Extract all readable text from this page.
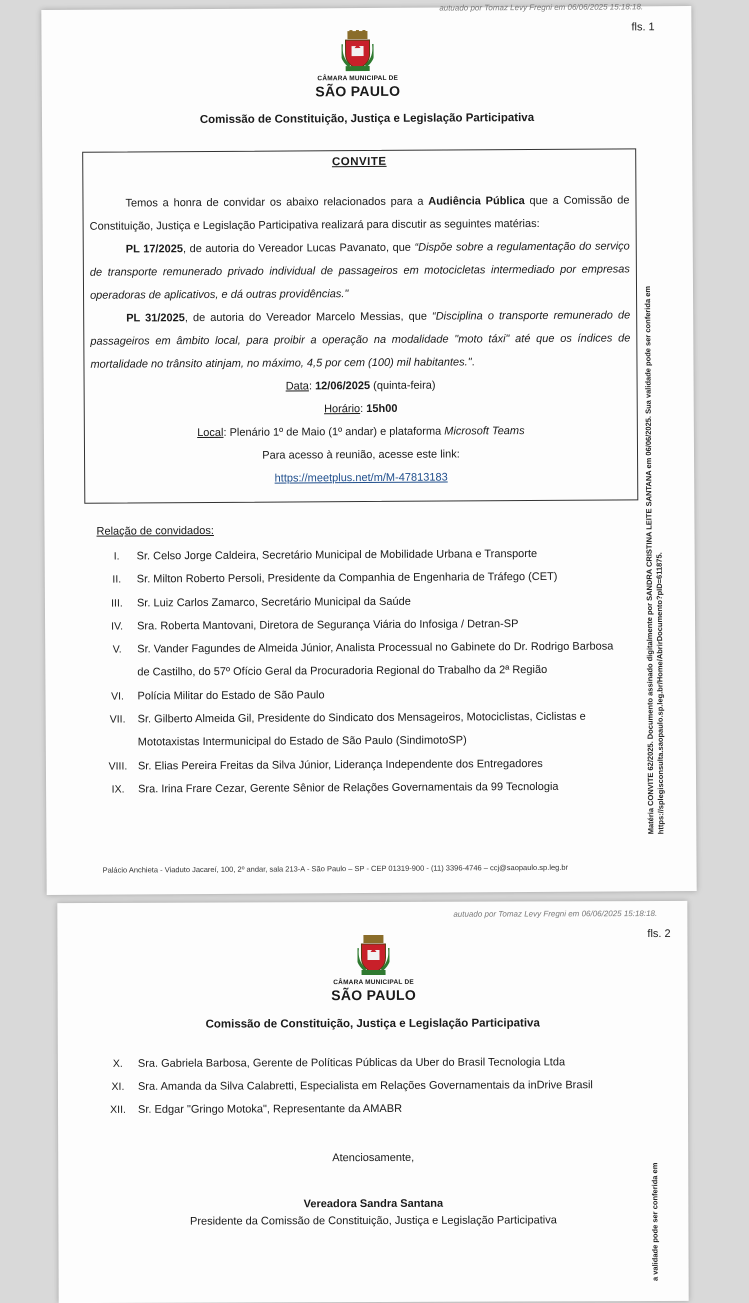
autuado por Tomaz Levy Fregni em 06/06/2025 15:18:18.
fls. 1
CÂMARA MUNICIPAL DE
SÃO PAULO
Comissão de Constituição, Justiça e Legislação Participativa
CONVITE

Temos a honra de convidar os abaixo relacionados para a Audiência Pública que a Comissão de Constituição, Justiça e Legislação Participativa realizará para discutir as seguintes matérias:

PL 17/2025, de autoria do Vereador Lucas Pavanato, que “Dispõe sobre a regulamentação do serviço de transporte remunerado privado individual de passageiros em motocicletas intermediado por empresas operadoras de aplicativos, e dá outras providências."

PL 31/2025, de autoria do Vereador Marcelo Messias, que “Disciplina o transporte remunerado de passageiros em âmbito local, para proibir a operação na modalidade "moto táxi" até que os índices de mortalidade no trânsito atinjam, no máximo, 4,5 por cem (100) mil habitantes.".

Data: 12/06/2025 (quinta-feira)

Horário: 15h00

Local: Plenário 1º de Maio (1º andar) e plataforma Microsoft Teams

Para acesso à reunião, acesse este link:

https://meetplus.net/m/M-47813183

Relação de convidados:
I.	Sr. Celso Jorge Caldeira, Secretário Municipal de Mobilidade Urbana e Transporte
II.	Sr. Milton Roberto Persoli, Presidente da Companhia de Engenharia de Tráfego (CET)
III.	Sr. Luiz Carlos Zamarco, Secretário Municipal da Saúde
IV.	Sra. Roberta Mantovani, Diretora de Segurança Viária do Infosiga / Detran-SP
V.	Sr. Vander Fagundes de Almeida Júnior, Analista Processual no Gabinete do Dr. Rodrigo Barbosa
de Castilho, do 57º Ofício Geral da Procuradoria Regional do Trabalho da 2ª Região
VI.	Polícia Militar do Estado de São Paulo
VII.	Sr. Gilberto Almeida Gil, Presidente do Sindicato dos Mensageiros, Motociclistas, Ciclistas e
Mototaxistas Intermunicipal do Estado de São Paulo (SindimotoSP)
VIII. Sr. Elias Pereira Freitas da Silva Júnior, Liderança Independente dos Entregadores
IX.	Sra. Irina Frare Cezar, Gerente Sênior de Relações Governamentais da 99 Tecnologia
Palácio Anchieta - Viaduto Jacareí, 100, 2º andar, sala 213-A - São Paulo – SP - CEP 01319-900 - (11) 3396-4746 – ccj@saopaulo.sp.leg.br
Matéria CONVITE 62/2025. Documento assinado digitalmente por SANDRA CRISTINA LEITE SANTANA em 06/06/2025. Sua validade pode ser conferida em https://splegisconsulta.saopaulo.sp.leg.br/Home/AbrirDocumento?pID=611875.
autuado por Tomaz Levy Fregni em 06/06/2025 15:18:18.
fls. 2
CÂMARA MUNICIPAL DE
SÃO PAULO
Comissão de Constituição, Justiça e Legislação Participativa
X.	Sra. Gabriela Barbosa, Gerente de Políticas Públicas da Uber do Brasil Tecnologia Ltda
XI.	Sra. Amanda da Silva Calabretti, Especialista em Relações Governamentais da inDrive Brasil
XII.	Sr. Edgar "Gringo Motoka", Representante da AMABR
Atenciosamente,
Vereadora Sandra Santana
Presidente da Comissão de Constituição, Justiça e Legislação Participativa	a validade pode ser conferida em
